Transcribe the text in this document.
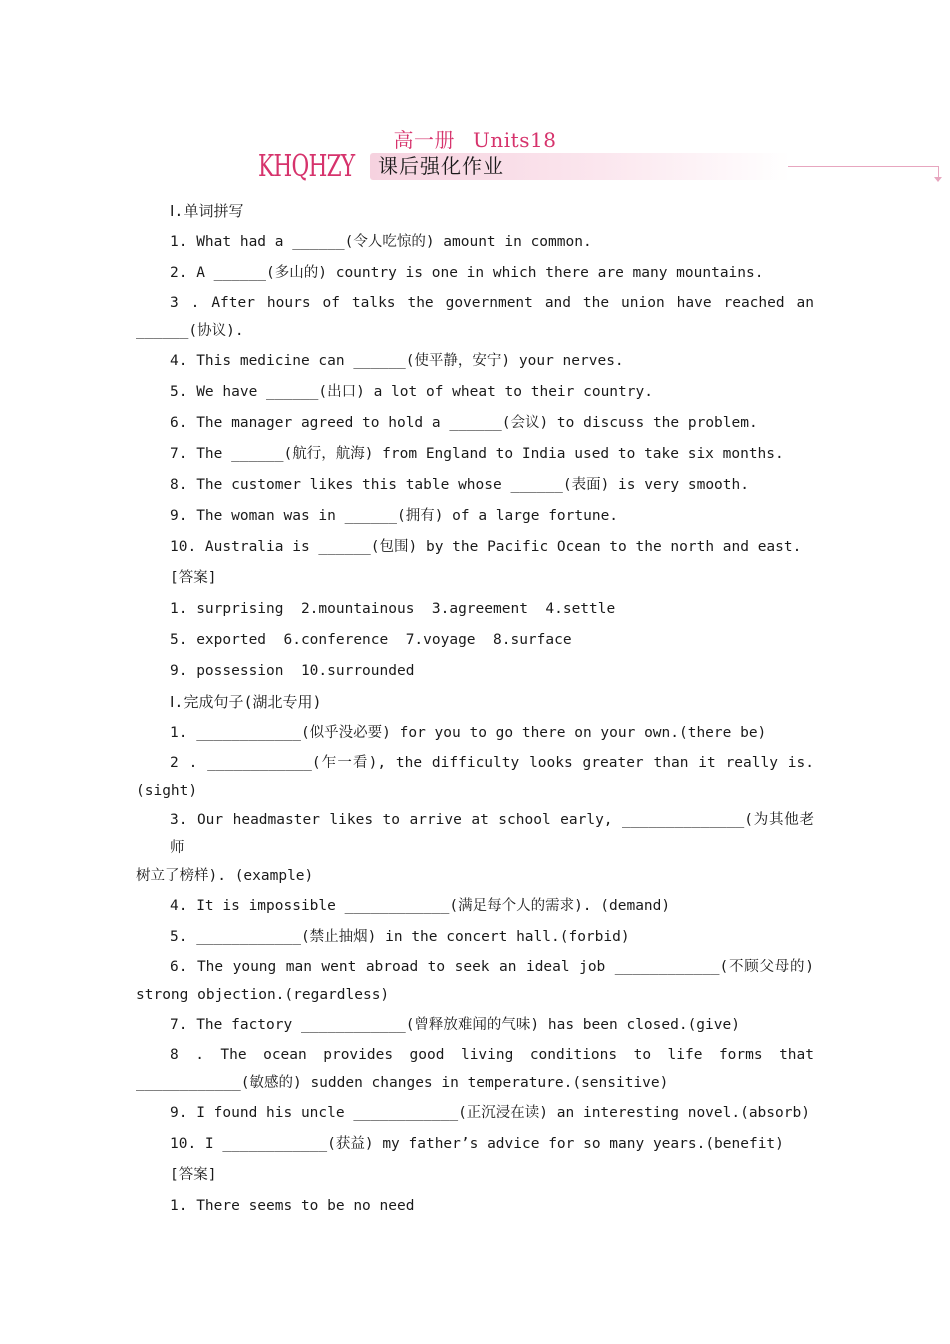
高一册 Units18
KHQHZY 课后强化作业
Ⅰ.单词拼写
1. What had a ______(令人吃惊的) amount in common.
2. A ______(多山的) country is one in which there are many mountains.
3 . After hours of talks the government and the union have reached an
______(协议).
4. This medicine can ______(使平静，安宁) your nerves.
5. We have ______(出口) a lot of wheat to their country.
6. The manager agreed to hold a ______(会议) to discuss the problem.
7. The ______(航行，航海) from England to India used to take six months.
8. The customer likes this table whose ______(表面) is very smooth.
9. The woman was in ______(拥有) of a large fortune.
10. Australia is ______(包围) by the Pacific Ocean to the north and east.
[答案]
1. surprising  2.mountainous  3.agreement  4.settle
5. exported  6.conference  7.voyage  8.surface
9. possession  10.surrounded
Ⅰ.完成句子(湖北专用)
1. ____________(似乎没必要) for you to go there on your own.(there be)
2 . ____________(乍一看), the difficulty looks greater than it really is.
(sight)
3. Our headmaster likes to arrive at school early, ______________(为其他老师
树立了榜样). (example)
4. It is impossible ____________(满足每个人的需求). (demand)
5. ____________(禁止抽烟) in the concert hall.(forbid)
6. The young man went abroad to seek an ideal job ____________(不顾父母的)
strong objection.(regardless)
7. The factory ____________(曾释放难闻的气味) has been closed.(give)
8 . The ocean provides good living conditions to life forms that
____________(敏感的) sudden changes in temperature.(sensitive)
9. I found his uncle ____________(正沉浸在读) an interesting novel.(absorb)
10. I ____________(获益) my father’s advice for so many years.(benefit)
[答案]
1. There seems to be no need
